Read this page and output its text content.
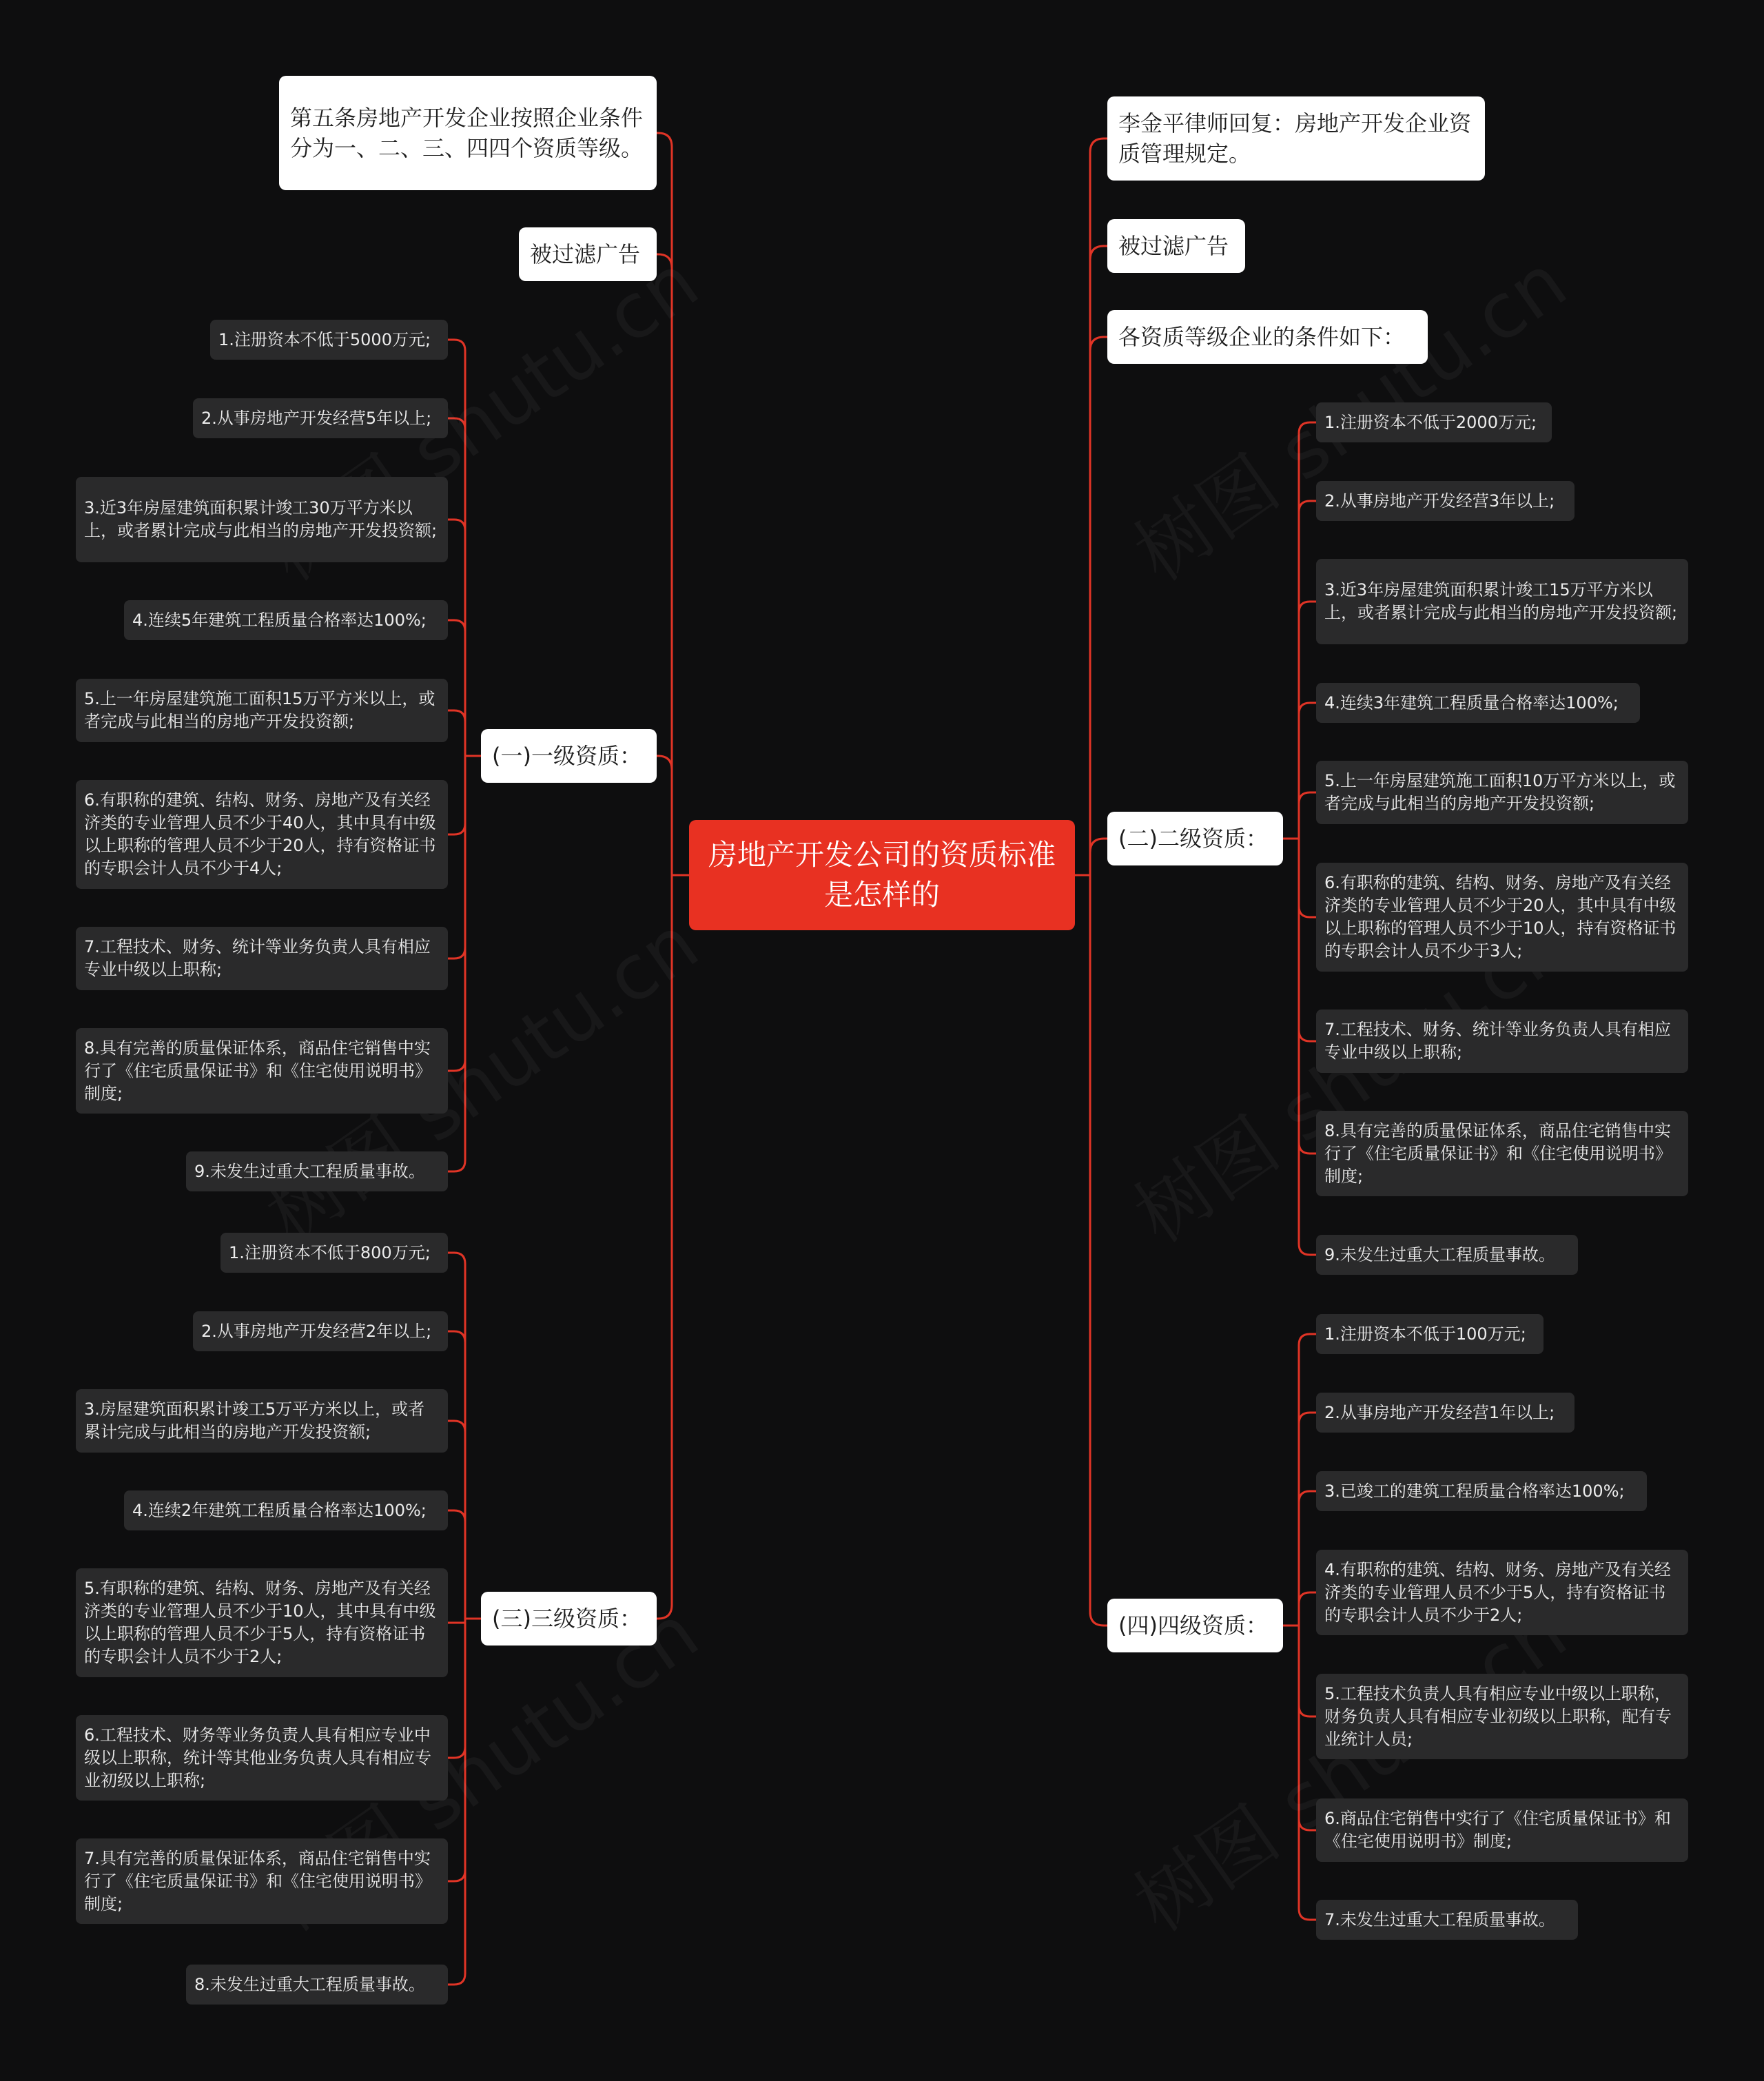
房地产开发公司的资质标准是怎样的
第五条房地产开发企业按照企业条件分为一、二、三、四四个资质等级。
被过滤广告
(一)一级资质：
(三)三级资质：
1.注册资本不低于5000万元;
2.从事房地产开发经营5年以上;
3.近3年房屋建筑面积累计竣工30万平方米以上，或者累计完成与此相当的房地产开发投资额;
4.连续5年建筑工程质量合格率达100%;
5.上一年房屋建筑施工面积15万平方米以上，或者完成与此相当的房地产开发投资额;
6.有职称的建筑、结构、财务、房地产及有关经济类的专业管理人员不少于40人，其中具有中级以上职称的管理人员不少于20人，持有资格证书的专职会计人员不少于4人;
7.工程技术、财务、统计等业务负责人具有相应专业中级以上职称;
8.具有完善的质量保证体系，商品住宅销售中实行了《住宅质量保证书》和《住宅使用说明书》制度;
9.未发生过重大工程质量事故。
1.注册资本不低于800万元;
2.从事房地产开发经营2年以上;
3.房屋建筑面积累计竣工5万平方米以上，或者累计完成与此相当的房地产开发投资额;
4.连续2年建筑工程质量合格率达100%;
5.有职称的建筑、结构、财务、房地产及有关经济类的专业管理人员不少于10人，其中具有中级以上职称的管理人员不少于5人，持有资格证书的专职会计人员不少于2人;
6.工程技术、财务等业务负责人具有相应专业中级以上职称，统计等其他业务负责人具有相应专业初级以上职称;
7.具有完善的质量保证体系，商品住宅销售中实行了《住宅质量保证书》和《住宅使用说明书》制度;
8.未发生过重大工程质量事故。
李金平律师回复：房地产开发企业资质管理规定。
被过滤广告
各资质等级企业的条件如下：
(二)二级资质：
(四)四级资质：
1.注册资本不低于2000万元;
2.从事房地产开发经营3年以上;
3.近3年房屋建筑面积累计竣工15万平方米以上，或者累计完成与此相当的房地产开发投资额;
4.连续3年建筑工程质量合格率达100%;
5.上一年房屋建筑施工面积10万平方米以上，或者完成与此相当的房地产开发投资额;
6.有职称的建筑、结构、财务、房地产及有关经济类的专业管理人员不少于20人，其中具有中级以上职称的管理人员不少于10人，持有资格证书的专职会计人员不少于3人;
7.工程技术、财务、统计等业务负责人具有相应专业中级以上职称;
8.具有完善的质量保证体系，商品住宅销售中实行了《住宅质量保证书》和《住宅使用说明书》制度;
9.未发生过重大工程质量事故。
1.注册资本不低于100万元;
2.从事房地产开发经营1年以上;
3.已竣工的建筑工程质量合格率达100%;
4.有职称的建筑、结构、财务、房地产及有关经济类的专业管理人员不少于5人，持有资格证书的专职会计人员不少于2人;
5.工程技术负责人具有相应专业中级以上职称，财务负责人具有相应专业初级以上职称，配有专业统计人员;
6.商品住宅销售中实行了《住宅质量保证书》和《住宅使用说明书》制度;
7.未发生过重大工程质量事故。
